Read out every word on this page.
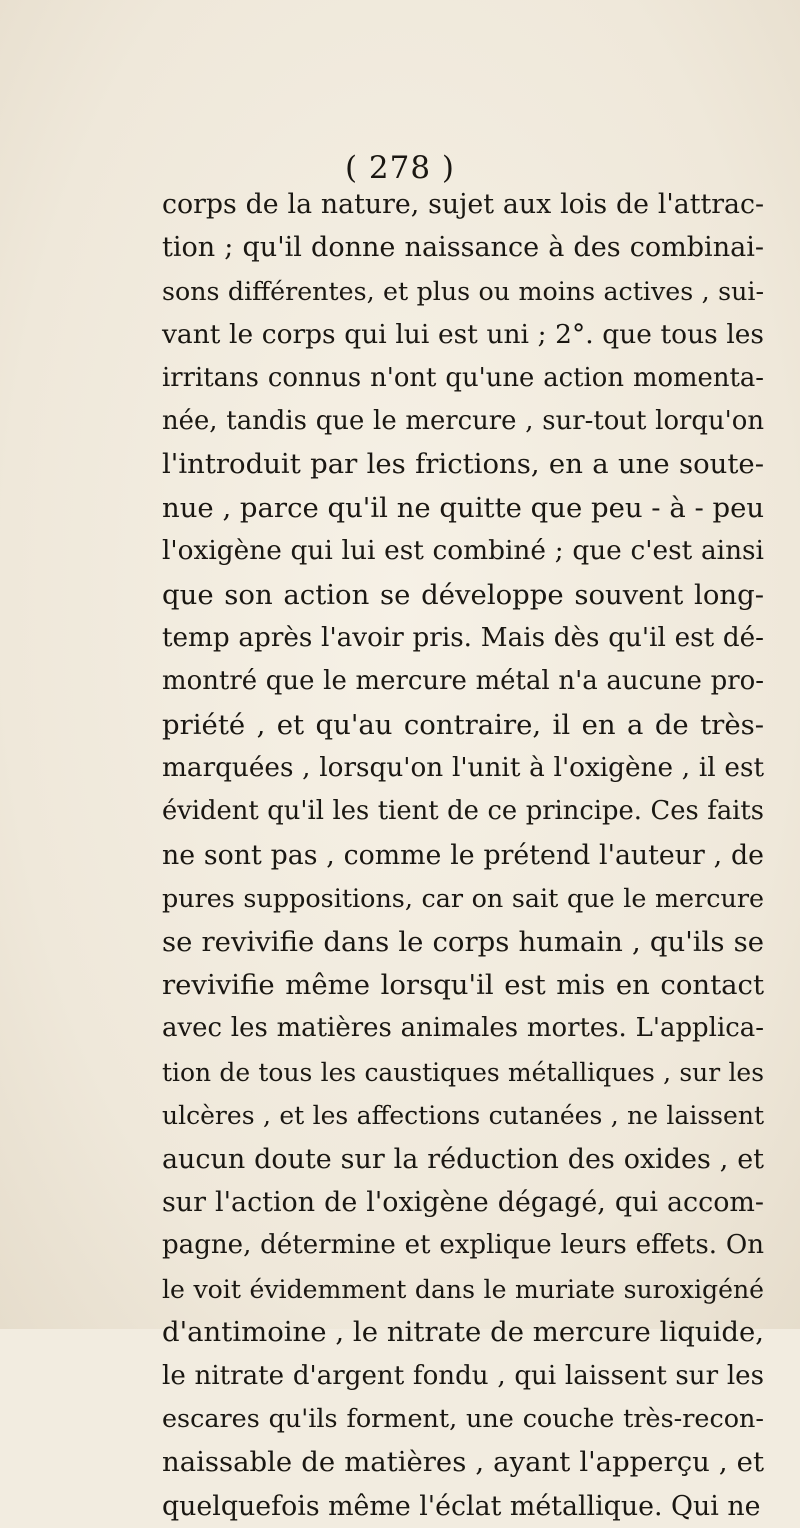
( 278 )
corps de la nature, sujet aux lois de l'attrac-
tion ; qu'il donne naissance à des combinai-
sons différentes, et plus ou moins actives , sui-
vant le corps qui lui est uni ; 2°. que tous les
irritans connus n'ont qu'une action momenta-
née, tandis que le mercure , sur-tout lorqu'on
l'introduit par les frictions, en a une soute-
nue , parce qu'il ne quitte que peu - à - peu
l'oxigène qui lui est combiné ; que c'est ainsi
que son action se développe souvent long-
temp après l'avoir pris. Mais dès qu'il est dé-
montré que le mercure métal n'a aucune pro-
priété , et qu'au contraire, il en a de très-
marquées , lorsqu'on l'unit à l'oxigène , il est
évident qu'il les tient de ce principe. Ces faits
ne sont pas , comme le prétend l'auteur , de
pures suppositions, car on sait que le mercure
se revivifie dans le corps humain , qu'ils se
revivifie même lorsqu'il est mis en contact
avec les matières animales mortes. L'applica-
tion de tous les caustiques métalliques , sur les
ulcères , et les affections cutanées , ne laissent
aucun doute sur la réduction des oxides , et
sur l'action de l'oxigène dégagé, qui accom-
pagne, détermine et explique leurs effets. On
le voit évidemment dans le muriate suroxigéné
d'antimoine , le nitrate de mercure liquide,
le nitrate d'argent fondu , qui laissent sur les
escares qu'ils forment, une couche très-recon-
naissable de matières , ayant l'apperçu , et
quelquefois même l'éclat métallique. Qui ne
